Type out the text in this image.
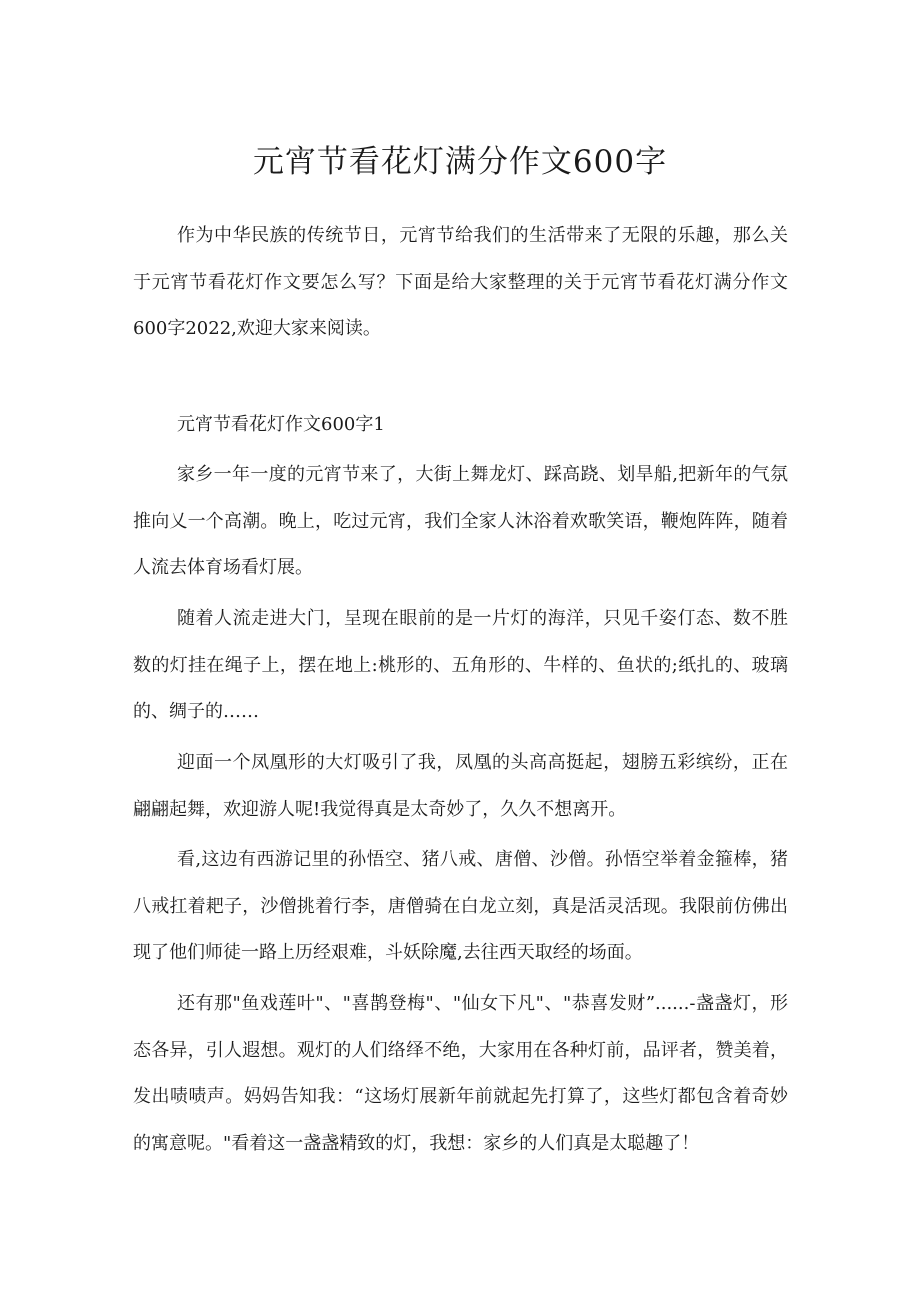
元宵节看花灯满分作文600字

作为中华民族的传统节日，元宵节给我们的生活带来了无限的乐趣，那么关于元宵节看花灯作文要怎么写？下面是给大家整理的关于元宵节看花灯满分作文600字2022,欢迎大家来阅读。

元宵节看花灯作文600字1

家乡一年一度的元宵节来了，大街上舞龙灯、踩高跷、划旱船,把新年的气氛推向乂一个高潮。晚上，吃过元宵，我们全家人沐浴着欢歌笑语，鞭炮阵阵，随着人流去体育场看灯展。

随着人流走进大门，呈现在眼前的是一片灯的海洋，只见千姿仃态、数不胜数的灯挂在绳子上，摆在地上:桃形的、五角形的、牛样的、鱼状的;纸扎的、玻璃的、绸子的……

迎面一个凤凰形的大灯吸引了我，凤凰的头高高挺起，翅膀五彩缤纷，正在翩翩起舞，欢迎游人呢!我觉得真是太奇妙了，久久不想离开。

看,这边有西游记里的孙悟空、猪八戒、唐僧、沙僧。孙悟空举着金箍棒，猪八戒扛着耙子，沙僧挑着行李，唐僧骑在白龙立刻，真是活灵活现。我限前仿佛出现了他们师徒一路上历经艰难，斗妖除魔,去往西天取经的场面。

还有那"鱼戏莲叶"、"喜鹊登梅"、"仙女下凡"、"恭喜发财”......-盏盏灯，形态各异，引人遐想。观灯的人们络绎不绝，大家用在各种灯前，品评者，赞美着，发出啧啧声。妈妈告知我：“这场灯展新年前就起先打算了，这些灯都包含着奇妙的寓意呢。"看着这一盏盏精致的灯，我想：家乡的人们真是太聪趣了！
